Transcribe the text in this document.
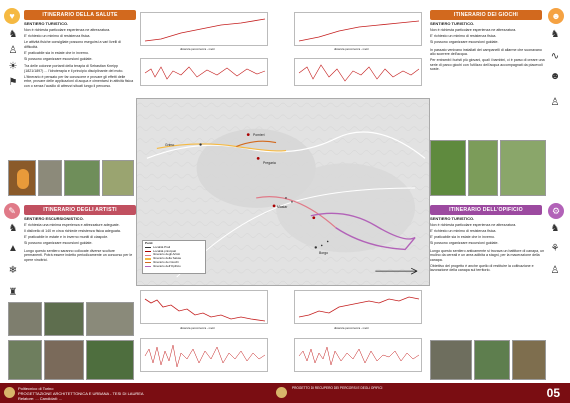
♥	☻
✎	⚙
ITINERARIO DELLA SALUTE	ITINERARIO DEI GIOCHI
ITINERARIO DEGLI ARTISTI	ITINERARIO DELL'OPIFICIO
♞
♙
☀
⚑
♞
∿
☻
♙
♞
▲
❄
♜
♞
⚘
♙

SENTIERO TURISTICO.

Non è richiesta particolare esperienza ne attrezzatura.

E' richiesto un minimo di resistenza fisica.

Le attività fisiche consigliate possono eseguirsi a vari livelli di difficoltà.

E' praticabile sia in estate che in inverno.

Si possono organizzare escursioni guidate.

Tra delle colonne portanti della terapia di Sebastian Kneipp (1821/1897) ... l'idroterapia e il principio disciplinante del moto.

L'itinerario è pensato per far conoscere e provare gli effetti delle erbe, provare delle applicazioni di acqua e cimentarsi in attività fisica con o senza l'ausilio di attrezzi situati lungo il percorso.

SENTIERO TURISTICO.

Non è richiesta particolare esperienza ne attrezzatura.

E' richiesto un minimo di resistenza fisica.

Si possono organizzare escursioni guidate.

In passato venivano installati dei campanelli di allarme che suonavano allo scorrere dell'acqua.

Per entrambi i turisti più giovani, quali i bambini, ci è parso di creare una serie di parco giochi con l'utilizzo dell'acqua accompagnati da piacevoli soste.

SENTIERO ESCURSIONISTICO.

E' richiesta una minima esperienza e attrezzature adeguate.

Il dislivello di 140 m circa richiede resistenza fisica adeguata.

E' praticabile in estate e in inverno muniti di ciaspole.

Si possono organizzare escursioni guidate.

Lungo questo sentiero saranno collocate diverse sculture permanenti. Potrà essere indetto periodicamente un concorso per le opere vincitrici.

SENTIERO TURISTICO.

Non è richiesta particolare esperienza ne attrezzatura.

E' richiesto un minimo di resistenza fisica.

E' praticabile sia in estate che in inverno.

Si possono organizzare escursioni guidate.

Lungo questo sentiero anticamente si trovava un battitore di canapa, un mulino da cereali e un area adibita a stagni, per la macerazione della canapa.

Obiettivo del progetto è anche quello di restituire la coltivazione e lavorazione della canapa sul territorio.

distanza percorrenza - metri	distanza percorrenza - metri
Pomieri
Grimo
Pregaria
Mastar
Borgo
Punti
Località Prali
Località principali
Itinerario degli Artisti
Itinerario della Salute
Itinerario dei Giochi
Itinerario dell'Opificio
distanza percorrenza - metri	distanza percorrenza - metri
Politecnico di Torino
PROGETTAZIONE ARCHITETTONICA E URBANA - TESI DI LAUREA
Relatore: ... Candidati: ...
PROGETTO DI RECUPERO DEI PERCORSI E DEGLI OPIFICI	05
